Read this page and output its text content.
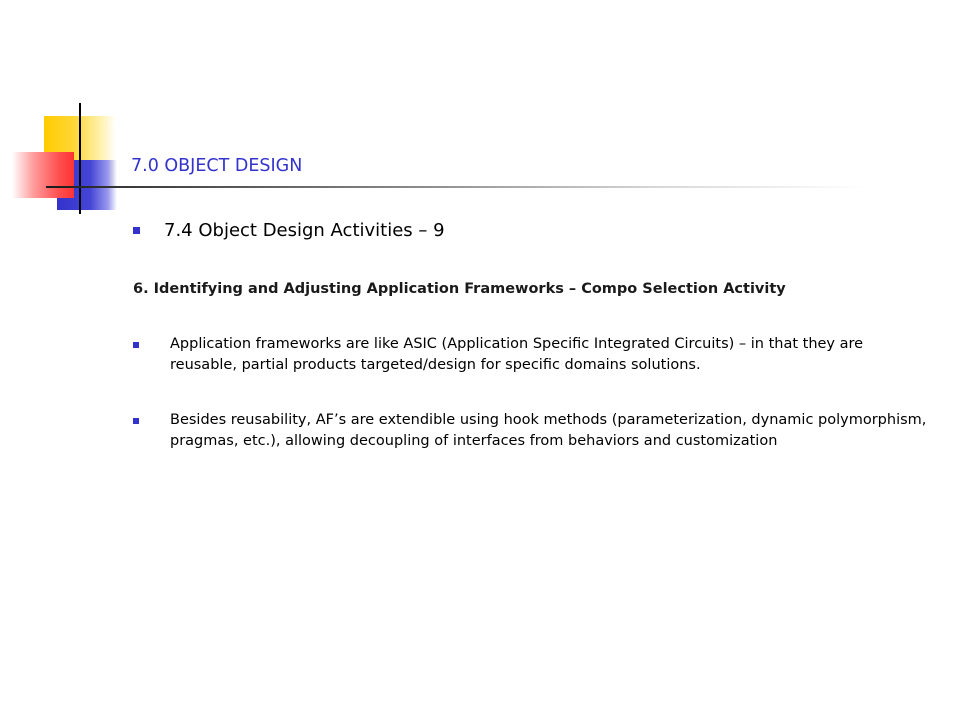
7.0 OBJECT DESIGN
7.4 Object Design Activities – 9
6. Identifying and Adjusting Application Frameworks – Compo Selection Activity
Application frameworks are like ASIC (Application Specific Integrated Circuits) – in that they are reusable, partial products targeted/design for specific domains solutions.
Besides reusability, AF’s are extendible using hook methods (parameterization, dynamic polymorphism, pragmas, etc.), allowing decoupling of interfaces from behaviors and customization
